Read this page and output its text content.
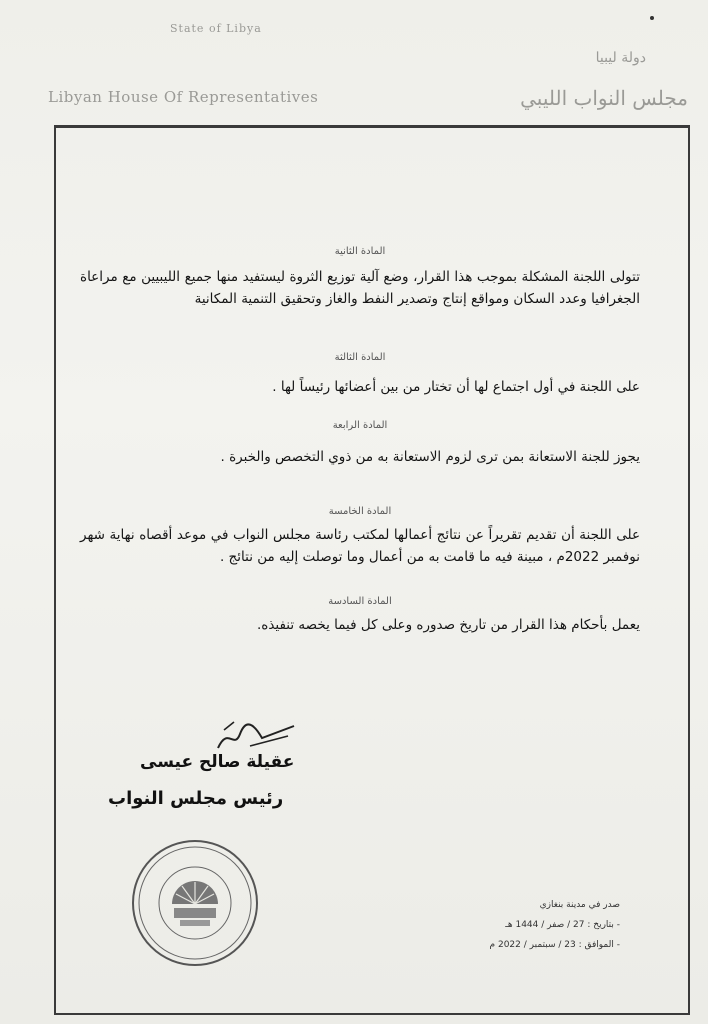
State of Libya
Libyan House Of Representatives
دولة ليبيا
مجلس النواب الليبي
المادة الثانية
تتولى اللجنة المشكلة بموجب هذا القرار، وضع آلية توزيع الثروة ليستفيد منها جميع الليبيين مع مراعاة الجغرافيا وعدد السكان ومواقع إنتاج وتصدير النفط والغاز وتحقيق التنمية المكانية
المادة الثالثة
على اللجنة في أول اجتماع لها أن تختار من بين أعضائها رئيساً لها .
المادة الرابعة
يجوز للجنة الاستعانة بمن ترى لزوم الاستعانة به من ذوي التخصص والخبرة .
المادة الخامسة
على اللجنة أن تقديم تقريراً عن نتائج أعمالها لمكتب رئاسة مجلس النواب في موعد أقصاه نهاية شهر نوفمبر 2022م ، مبينة فيه ما قامت به من أعمال وما توصلت إليه من نتائج .
المادة السادسة
يعمل بأحكام هذا القرار من تاريخ صدوره وعلى كل فيما يخصه تنفيذه.
عقيلة صالح عيسى
رئيس مجلس النواب
صدر في مدينة بنغازي
- بتاريخ : 27 / صفر / 1444 هـ
- الموافق : 23 / سبتمبر / 2022 م
